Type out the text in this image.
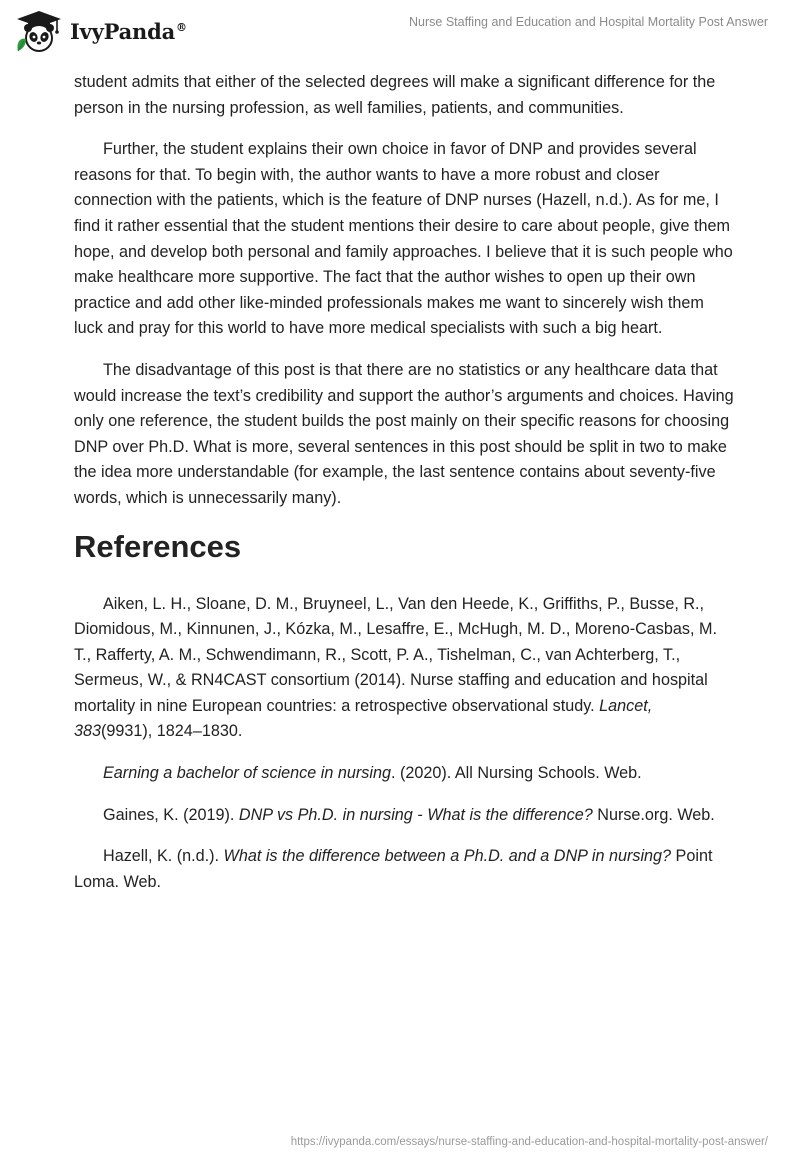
IvyPanda®	Nurse Staffing and Education and Hospital Mortality Post Answer

student admits that either of the selected degrees will make a significant difference for the person in the nursing profession, as well families, patients, and communities.

Further, the student explains their own choice in favor of DNP and provides several reasons for that. To begin with, the author wants to have a more robust and closer connection with the patients, which is the feature of DNP nurses (Hazell, n.d.). As for me, I find it rather essential that the student mentions their desire to care about people, give them hope, and develop both personal and family approaches. I believe that it is such people who make healthcare more supportive. The fact that the author wishes to open up their own practice and add other like-minded professionals makes me want to sincerely wish them luck and pray for this world to have more medical specialists with such a big heart.

The disadvantage of this post is that there are no statistics or any healthcare data that would increase the text’s credibility and support the author’s arguments and choices. Having only one reference, the student builds the post mainly on their specific reasons for choosing DNP over Ph.D. What is more, several sentences in this post should be split in two to make the idea more understandable (for example, the last sentence contains about seventy-five words, which is unnecessarily many).

References

Aiken, L. H., Sloane, D. M., Bruyneel, L., Van den Heede, K., Griffiths, P., Busse, R., Diomidous, M., Kinnunen, J., Kózka, M., Lesaffre, E., McHugh, M. D., Moreno-Casbas, M. T., Rafferty, A. M., Schwendimann, R., Scott, P. A., Tishelman, C., van Achterberg, T., Sermeus, W., & RN4CAST consortium (2014). Nurse staffing and education and hospital mortality in nine European countries: a retrospective observational study. Lancet, 383(9931), 1824–1830.

Earning a bachelor of science in nursing. (2020). All Nursing Schools. Web.

Gaines, K. (2019). DNP vs Ph.D. in nursing - What is the difference? Nurse.org. Web.

Hazell, K. (n.d.). What is the difference between a Ph.D. and a DNP in nursing? Point Loma. Web.

https://ivypanda.com/essays/nurse-staffing-and-education-and-hospital-mortality-post-answer/
